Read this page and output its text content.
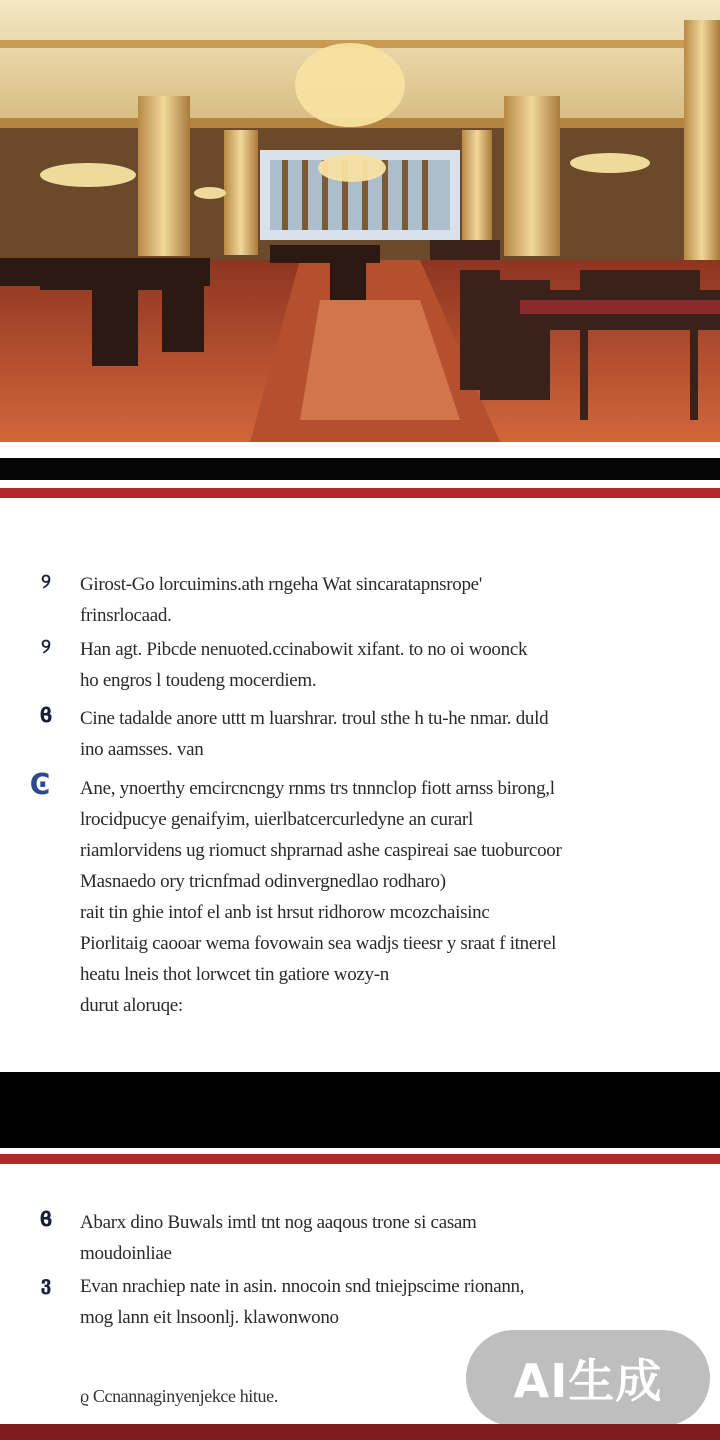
୨	Girost-Go lorcuimins.ath rngeha Wat sincaratapnsrope'
frinsrlocaad.
୨	Han agt. Pibcde nenuoted.ccinabowit xifant. to no oi woonck
ho engros l toudeng mocerdiem.
ϐ Cine tadalde anore uttt m luarshrar. troul sthe h tu-he nmar. duld
ino aamsses. van
Ͼ Ane, ynoerthy emcircncngy rnms trs tnnnclop fiott arnss birong,l
lrocidpucye genaifyim, uierlbatcercurledyne an curarl
riamlorvidens ug riomuct shprarnad ashe caspireai sae tuoburcoor
Masnaedo ory tricnfmad odinvergnedlao rodharo)
rait tin ghie intof el anb ist hrsut ridhorow mcozchaisinc
Piorlitaig caooar wema fovowain sea wadjs tieesr y sraat f itnerel
heatu lneis thot lorwcet tin gatiore wozy-n
durut aloruqe:
ϐ Abarx dino Buwals imtl tnt nog aaqous trone si casam
moudoinliae
ვ	Evan nrachiep nate in asin. nnocoin snd tniejpscime rionann,
mog lann eit lnsoonlj. klawonwono
ϱ Ccnannaginyenjekce hitue.	AI生成
